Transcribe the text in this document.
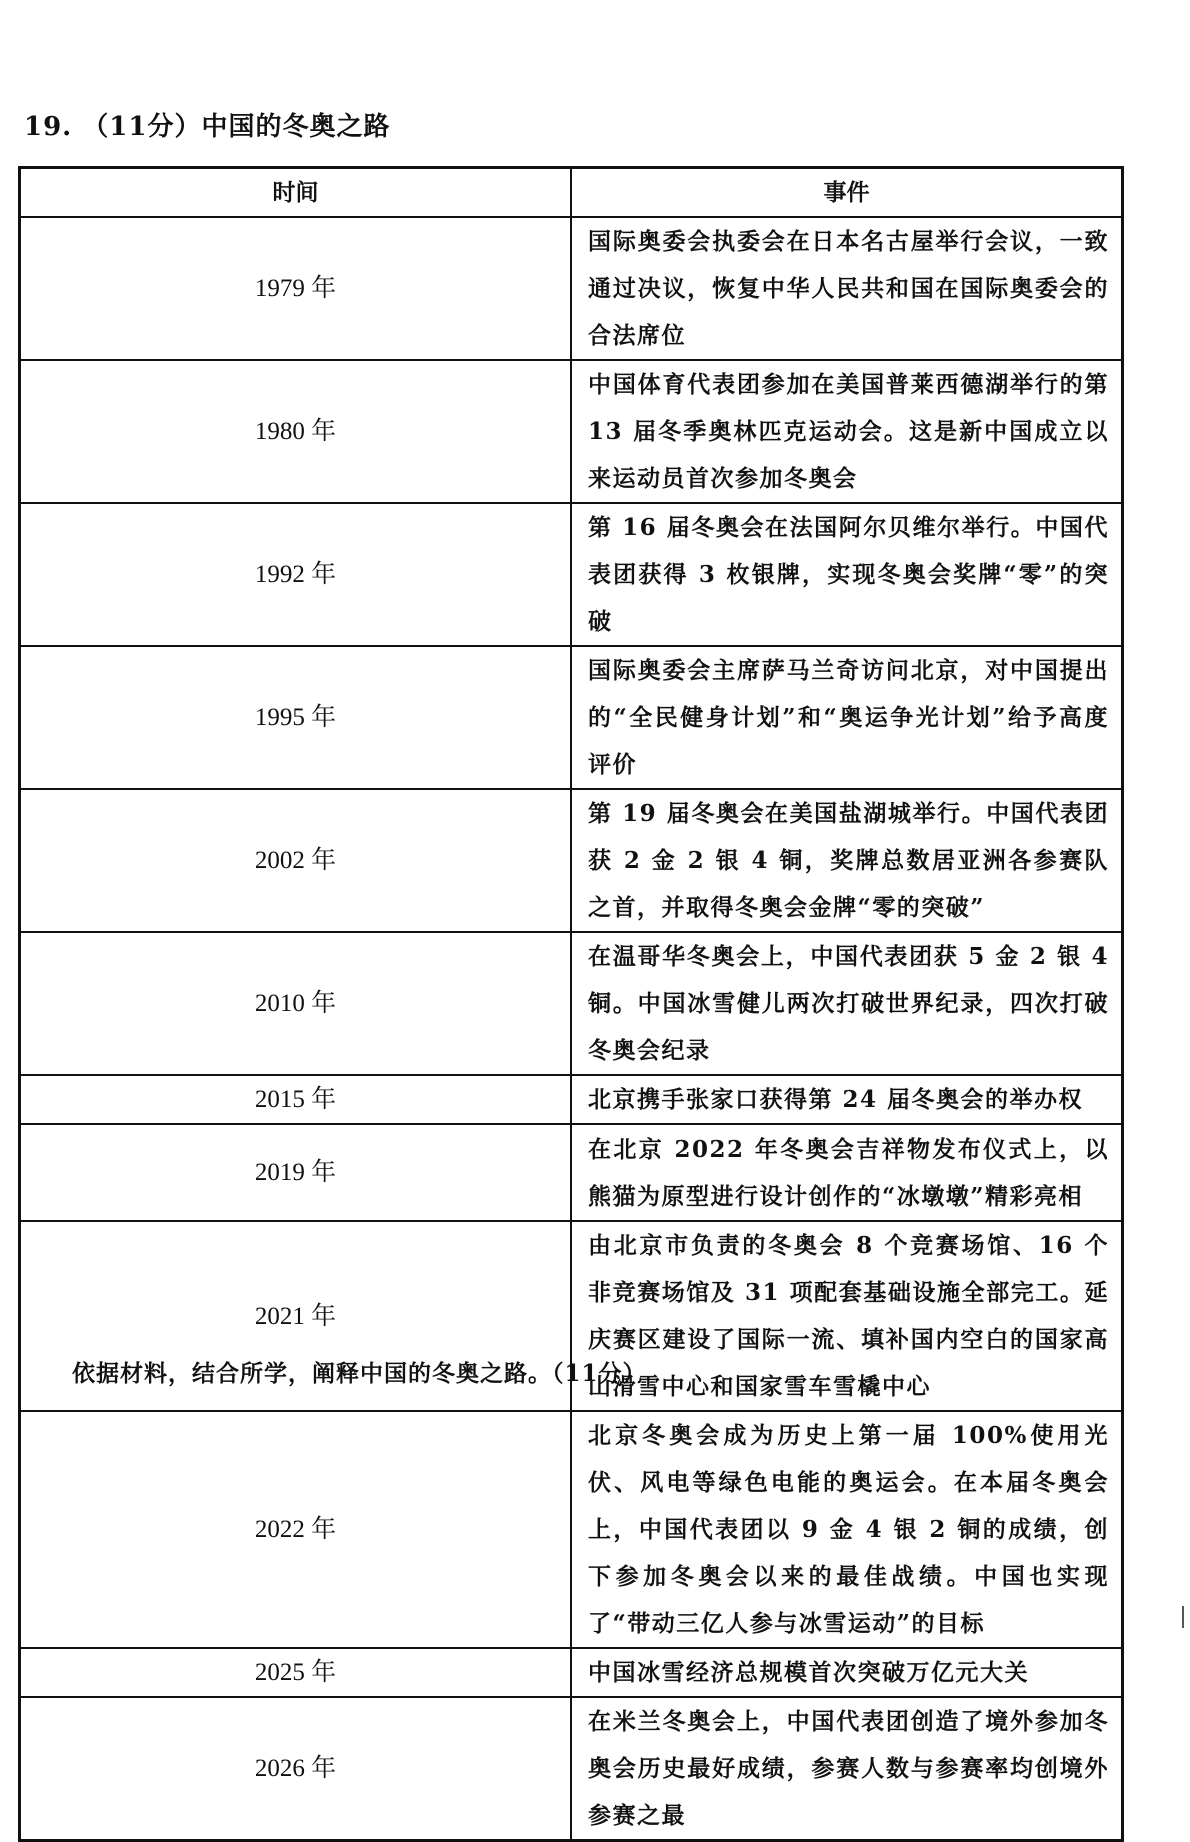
19. （11分）中国的冬奥之路
时间	事件
1979 年	国际奥委会执委会在日本名古屋举行会议，一致通过决议，恢复中华人民共和国在国际奥委会的合法席位
1980 年	中国体育代表团参加在美国普莱西德湖举行的第 13 届冬季奥林匹克运动会。这是新中国成立以来运动员首次参加冬奥会
1992 年	第 16 届冬奥会在法国阿尔贝维尔举行。中国代表团获得 3 枚银牌，实现冬奥会奖牌“零”的突破
1995 年	国际奥委会主席萨马兰奇访问北京，对中国提出的“全民健身计划”和“奥运争光计划”给予高度评价
2002 年	第 19 届冬奥会在美国盐湖城举行。中国代表团获 2 金 2 银 4 铜，奖牌总数居亚洲各参赛队之首，并取得冬奥会金牌“零的突破”
2010 年	在温哥华冬奥会上，中国代表团获 5 金 2 银 4 铜。中国冰雪健儿两次打破世界纪录，四次打破冬奥会纪录
2015 年	北京携手张家口获得第 24 届冬奥会的举办权
2019 年	在北京 2022 年冬奥会吉祥物发布仪式上，以熊猫为原型进行设计创作的“冰墩墩”精彩亮相
2021 年	由北京市负责的冬奥会 8 个竞赛场馆、16 个非竞赛场馆及 31 项配套基础设施全部完工。延庆赛区建设了国际一流、填补国内空白的国家高山滑雪中心和国家雪车雪橇中心
2022 年	北京冬奥会成为历史上第一届 100%使用光伏、风电等绿色电能的奥运会。在本届冬奥会上，中国代表团以 9 金 4 银 2 铜的成绩，创下参加冬奥会以来的最佳战绩。中国也实现了“带动三亿人参与冰雪运动”的目标
2025 年	中国冰雪经济总规模首次突破万亿元大关
2026 年	在米兰冬奥会上，中国代表团创造了境外参加冬奥会历史最好成绩，参赛人数与参赛率均创境外参赛之最
依据材料，结合所学，阐释中国的冬奥之路。（11分）
